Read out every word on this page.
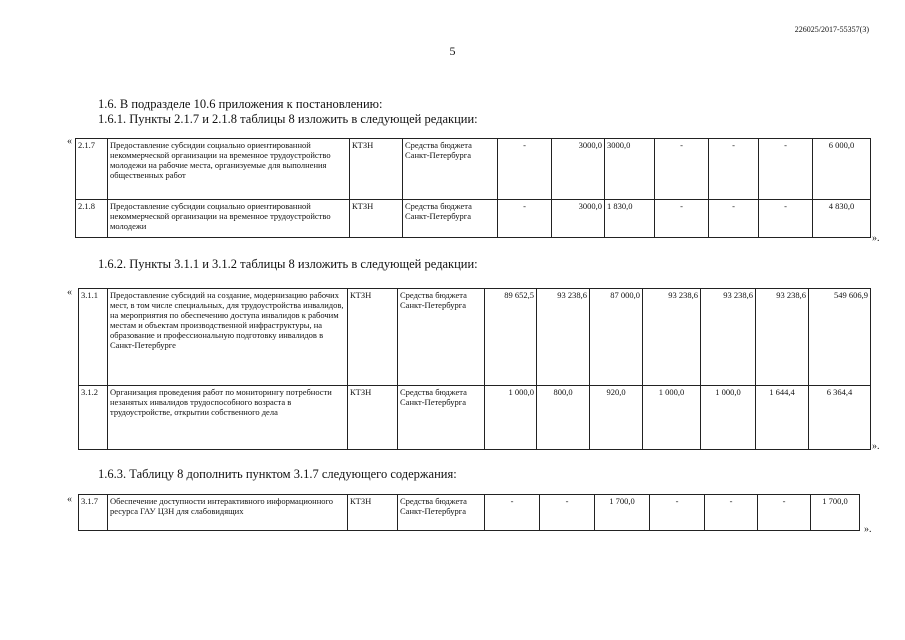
226025/2017-55357(3)
5
1.6. В подразделе 10.6 приложения к постановлению:
1.6.1. Пункты 2.1.7 и 2.1.8 таблицы 8 изложить в следующей редакции:
« 2.1.7	Предоставление субсидии социально ориентированной некоммерческой организации на временное трудоустройство молодежи на рабочие места, организуемые для выполнения общественных работ	КТЗН	Средства бюджета Санкт-Петербурга	-	3000,0	3000,0	-	-	-	6 000,0
2.1.8	Предоставление субсидии социально ориентированной некоммерческой организации на временное трудоустройство молодежи	КТЗН	Средства бюджета Санкт-Петербурга	-	3000,0	1 830,0	-	-	-	4 830,0
».
1.6.2. Пункты 3.1.1 и 3.1.2 таблицы 8 изложить в следующей редакции:
« 3.1.1	Предоставление субсидий на создание, модернизацию рабочих мест, в том числе специальных, для трудоустройства инвалидов, на мероприятия по обеспечению доступа инвалидов к рабочим местам и объектам производственной инфраструктуры, на образование и профессиональную подготовку инвалидов в Санкт-Петербурге	КТЗН	Средства бюджета Санкт-Петербурга	89 652,5	93 238,6	87 000,0	93 238,6	93 238,6	93 238,6	549 606,9
3.1.2	Организация проведения работ по мониторингу потребности незанятых инвалидов трудоспособного возраста в трудоустройстве, открытии собственного дела	КТЗН	Средства бюджета Санкт-Петербурга	1 000,0	800,0	920,0	1 000,0	1 000,0	1 644,4	6 364,4
».
1.6.3. Таблицу 8 дополнить пунктом 3.1.7 следующего содержания:
« 3.1.7	Обеспечение доступности интерактивного информационного ресурса ГАУ ЦЗН для слабовидящих	КТЗН	Средства бюджета Санкт-Петербурга	-	-	1 700,0	-	-	-	1 700,0
».
